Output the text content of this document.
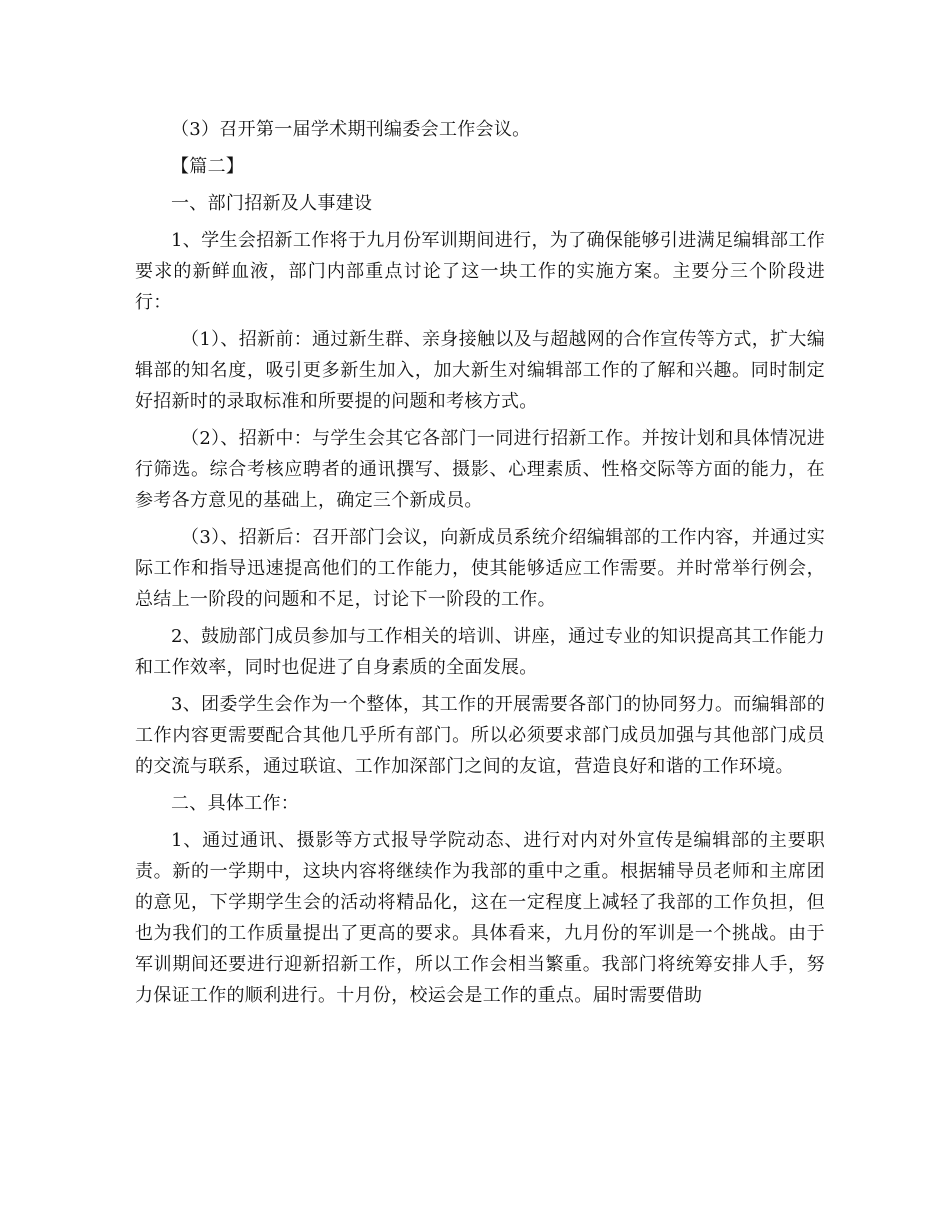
（3）召开第一届学术期刊编委会工作会议。

【篇二】

一、部门招新及人事建设

1、学生会招新工作将于九月份军训期间进行，为了确保能够引进满足编辑部工作要求的新鲜血液，部门内部重点讨论了这一块工作的实施方案。主要分三个阶段进行：

（1）、招新前：通过新生群、亲身接触以及与超越网的合作宣传等方式，扩大编辑部的知名度，吸引更多新生加入，加大新生对编辑部工作的了解和兴趣。同时制定好招新时的录取标准和所要提的问题和考核方式。

（2）、招新中：与学生会其它各部门一同进行招新工作。并按计划和具体情况进行筛选。综合考核应聘者的通讯撰写、摄影、心理素质、性格交际等方面的能力，在参考各方意见的基础上，确定三个新成员。

（3）、招新后：召开部门会议，向新成员系统介绍编辑部的工作内容，并通过实际工作和指导迅速提高他们的工作能力，使其能够适应工作需要。并时常举行例会，总结上一阶段的问题和不足，讨论下一阶段的工作。

2、鼓励部门成员参加与工作相关的培训、讲座，通过专业的知识提高其工作能力和工作效率，同时也促进了自身素质的全面发展。

3、团委学生会作为一个整体，其工作的开展需要各部门的协同努力。而编辑部的工作内容更需要配合其他几乎所有部门。所以必须要求部门成员加强与其他部门成员的交流与联系，通过联谊、工作加深部门之间的友谊，营造良好和谐的工作环境。

二、具体工作：

1、通过通讯、摄影等方式报导学院动态、进行对内对外宣传是编辑部的主要职责。新的一学期中，这块内容将继续作为我部的重中之重。根据辅导员老师和主席团的意见，下学期学生会的活动将精品化，这在一定程度上减轻了我部的工作负担，但也为我们的工作质量提出了更高的要求。具体看来，九月份的军训是一个挑战。由于军训期间还要进行迎新招新工作，所以工作会相当繁重。我部门将统筹安排人手，努力保证工作的顺利进行。十月份，校运会是工作的重点。届时需要借助
